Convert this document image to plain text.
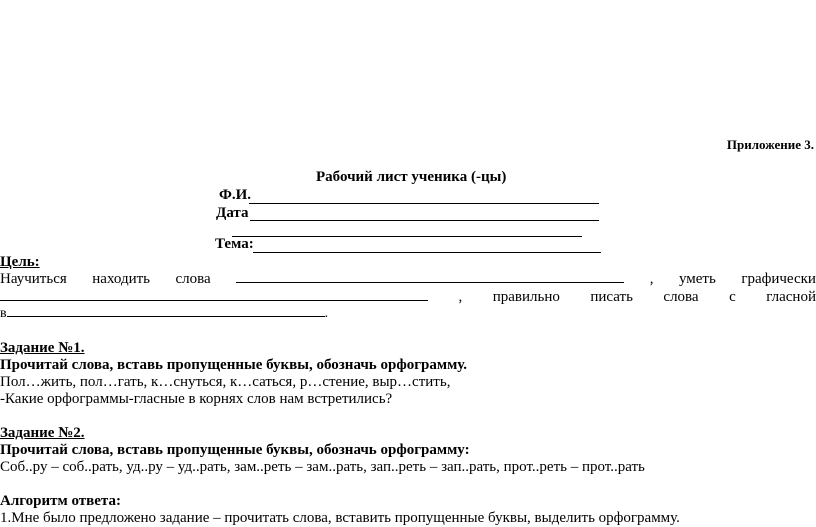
Приложение 3.
Рабочий лист ученика (-цы)
Ф.И.
Дата
Тема:
Цель:
Научиться находить слова	, уметь графически
, правильно писать слова с гласной
в	.
Задание №1.
Прочитай слова, вставь пропущенные буквы, обозначь орфограмму.
Пол…жить, пол…гать, к…снуться, к…саться, р…стение, выр…стить,
-Какие орфограммы-гласные в корнях слов нам встретились?
Задание №2.
Прочитай слова, вставь пропущенные буквы, обозначь орфограмму:
Соб..ру – соб..рать, уд..ру – уд..рать, зам..реть – зам..рать, зап..реть – зап..рать, прот..реть – прот..рать
Алгоритм ответа:
1.Мне было предложено задание – прочитать слова, вставить пропущенные буквы, выделить орфограмму.
